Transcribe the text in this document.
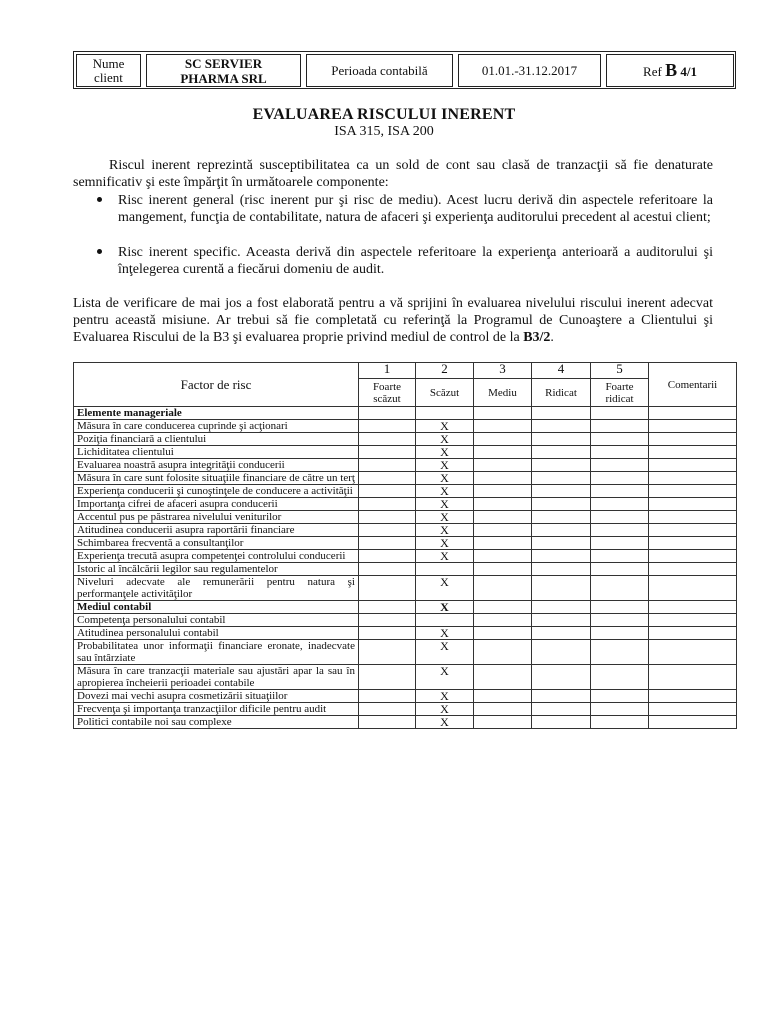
Nume client		SC SERVIER PHARMA SRL		Perioada contabilă		01.01.-31.12.2017		Ref B 4/1
EVALUAREA RISCULUI INERENT
ISA 315, ISA 200
Riscul inerent reprezintă susceptibilitatea ca un sold de cont sau clasă de tranzacţii să fie denaturate semnificativ şi este împărţit în următoarele componente:
Risc inerent general (risc inerent pur şi risc de mediu). Acest lucru derivă din aspectele referitoare la mangement, funcţia de contabilitate, natura de afaceri şi experienţa auditorului precedent al acestui client;
Risc inerent specific. Aceasta derivă din aspectele referitoare la experienţa anterioară a auditorului şi înţelegerea curentă a fiecărui domeniu de audit.
Lista de verificare de mai jos a fost elaborată pentru a vă sprijini în evaluarea nivelului riscului inerent adecvat pentru această misiune. Ar trebui să fie completată cu referinţă la Programul de Cunoaştere a Clientului şi Evaluarea Riscului de la B3 şi evaluarea proprie privind mediul de control de la B3/2.
Factor de risc	1	2	3	4	5	Comentarii
	Foarte scăzut	Scăzut	Mediu	Ridicat	Foarte ridicat	
Elemente manageriale						
Măsura în care conducerea cuprinde şi acţionari		X				
Poziţia financiară a clientului		X				
Lichiditatea clientului		X				
Evaluarea noastră asupra integrităţii conducerii		X				
Măsura în care sunt folosite situaţiile financiare de către un terţ		X				
Experienţa conducerii şi cunoştinţele de conducere a activităţii		X				
Importanţa cifrei de afaceri asupra conducerii		X				
Accentul pus pe păstrarea nivelului veniturilor		X				
Atitudinea conducerii asupra raportării financiare		X				
Schimbarea frecventă a consultanţilor		X				
Experienţa trecută asupra competenţei controlului conducerii		X				
Istoric al încălcării legilor sau regulamentelor						
Niveluri adecvate ale remunerării pentru natura şi performanţele activităţilor		X				
Mediul contabil		X				
Competenţa personalului contabil						
Atitudinea personalului contabil		X				
Probabilitatea unor informaţii financiare eronate, inadecvate sau întârziate		X				
Măsura în care tranzacţii materiale sau ajustări apar la sau în apropierea încheierii perioadei contabile		X				
Dovezi mai vechi asupra cosmetizării situaţiilor		X				
Frecvenţa şi importanţa tranzacţiilor dificile pentru audit		X				
Politici contabile noi sau complexe		X				
